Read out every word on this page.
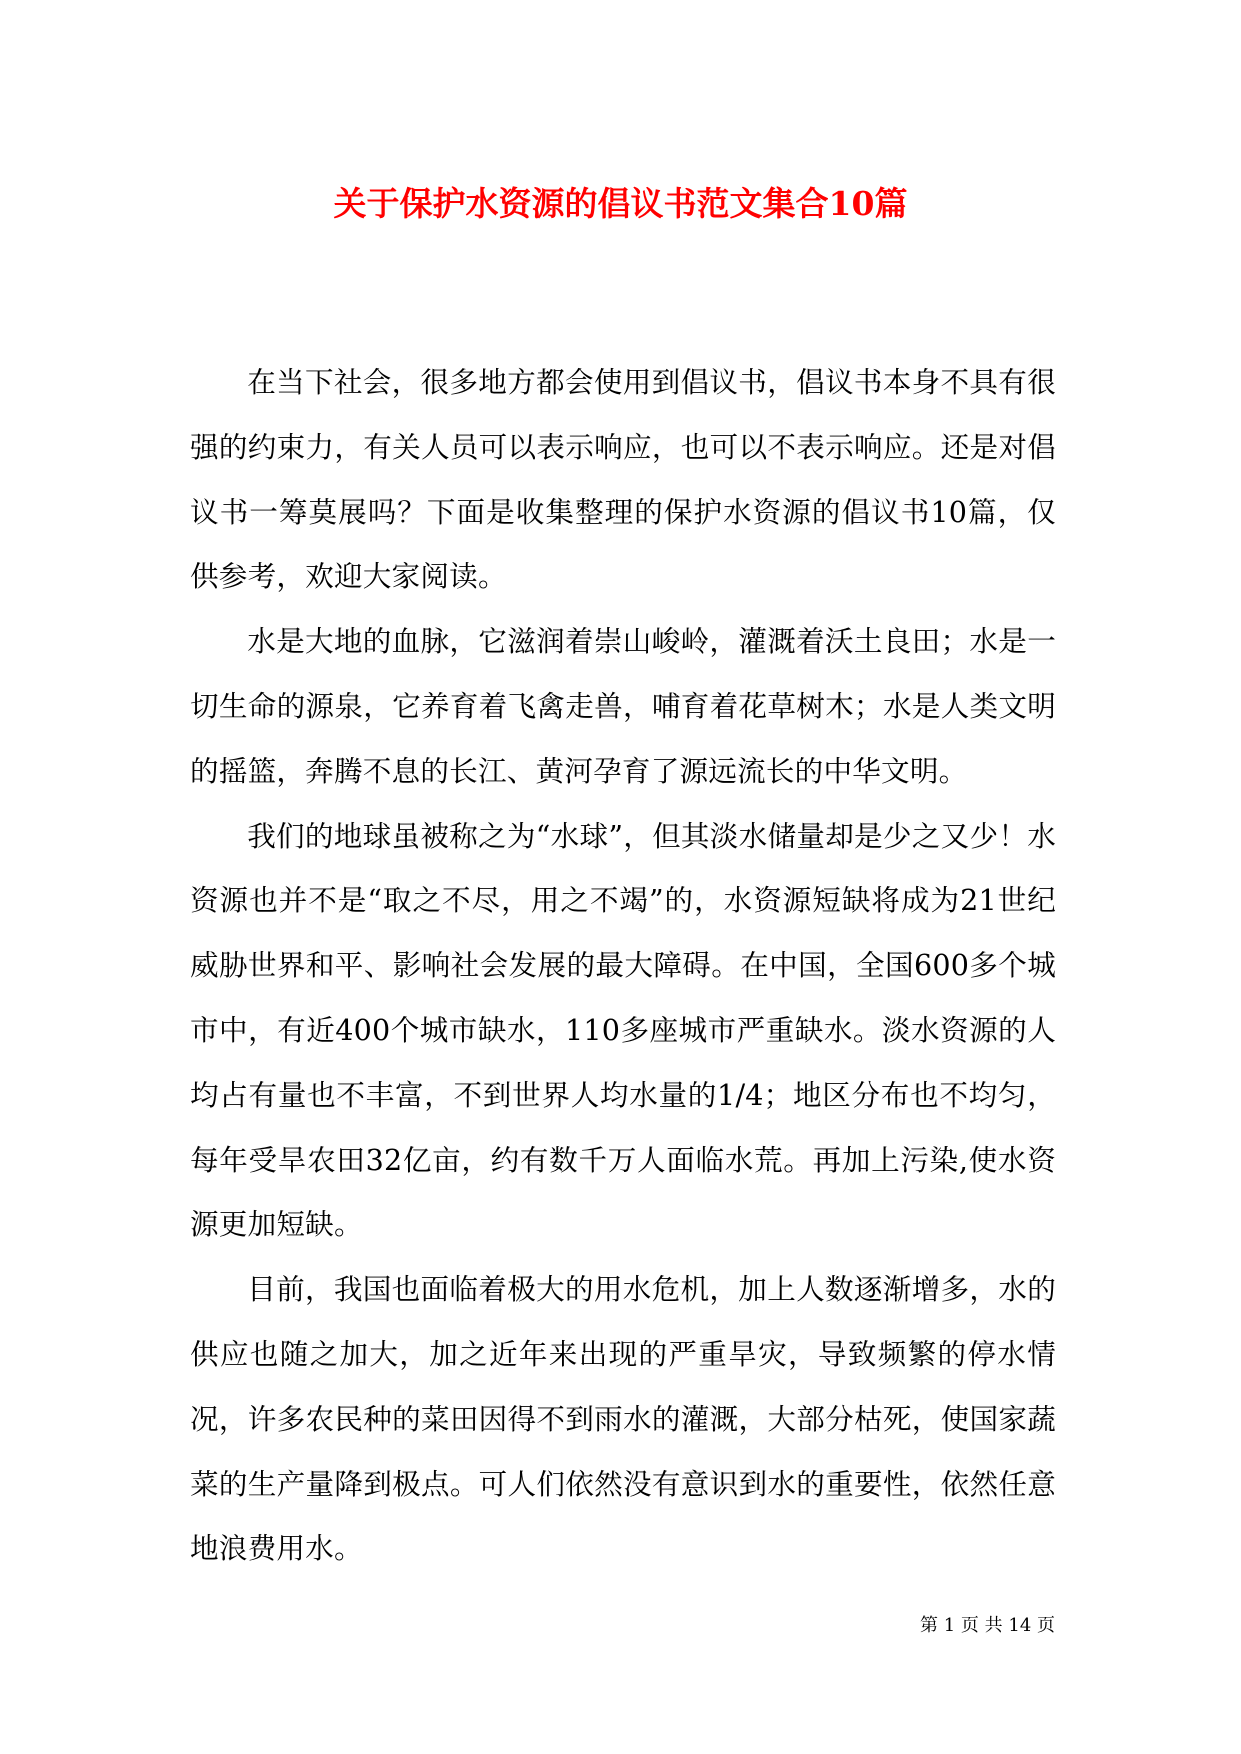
关于保护水资源的倡议书范文集合10篇

在当下社会，很多地方都会使用到倡议书，倡议书本身不具有很强的约束力，有关人员可以表示响应，也可以不表示响应。还是对倡议书一筹莫展吗？下面是收集整理的保护水资源的倡议书10篇，仅供参考，欢迎大家阅读。

水是大地的血脉，它滋润着崇山峻岭，灌溉着沃土良田；水是一切生命的源泉，它养育着飞禽走兽，哺育着花草树木；水是人类文明的摇篮，奔腾不息的长江、黄河孕育了源远流长的中华文明。

我们的地球虽被称之为“水球”，但其淡水储量却是少之又少！水资源也并不是“取之不尽，用之不竭”的，水资源短缺将成为21世纪威胁世界和平、影响社会发展的最大障碍。在中国，全国600多个城市中，有近400个城市缺水，110多座城市严重缺水。淡水资源的人均占有量也不丰富，不到世界人均水量的1/4；地区分布也不均匀，每年受旱农田32亿亩，约有数千万人面临水荒。再加上污染,使水资源更加短缺。

目前，我国也面临着极大的用水危机，加上人数逐渐增多，水的供应也随之加大，加之近年来出现的严重旱灾，导致频繁的停水情况，许多农民种的菜田因得不到雨水的灌溉，大部分枯死，使国家蔬菜的生产量降到极点。可人们依然没有意识到水的重要性，依然任意地浪费用水。

第 1 页 共 14 页
